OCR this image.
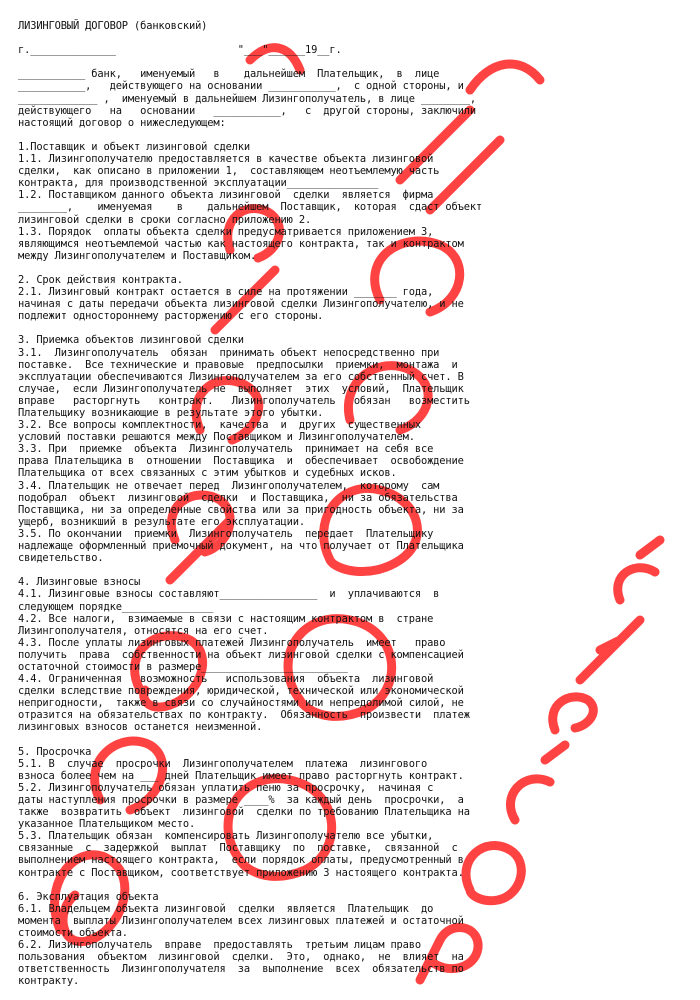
ЛИЗИНГОВЫЙ ДОГОВОР (банковский)
г.______________                    "___"______19__г.
___________ банк,   именуемый   в    дальнейшем  Плательщик,  в  лице
___________,   действующего на основании ___________,  с одной стороны, и
_____________ ,  именуемый в дальнейшем Лизингополучатель, в лице ________,
действующего   на   основании   ___________,   с  другой стороны, заключили
настоящий договор о нижеследующем:
1.Поставщик и объект лизинговой сделки
1.1. Лизингополучателю предоставляется в качестве объекта лизинговой
сделки,  как описано в приложении 1,  составляющем неотъемлемую часть
контракта, для производственной эксплуатации_______________
1.2. Поставщиком данного объекта лизинговой  сделки  является  фирма
________,    именуемая    в    дальнейшем  Поставщик,  которая  сдаст объект
лизинговой сделки в сроки согласно приложению 2.
1.3. Порядок  оплаты объекта сделки предусматривается приложением 3,
являющимся неотъемлемой частью как настоящего контракта, так и контрактом
между Лизингополучателем и Поставщиком.
2. Срок действия контракта.
2.1. Лизинговый контракт остается в силе на протяжении _______ года,
начиная с даты передачи объекта лизинговой сделки Лизингополучателю, и не
подлежит одностороннему расторжению с его стороны.
3. Приемка объектов лизинговой сделки
3.1.  Лизингополучатель  обязан  принимать объект непосредственно при
поставке.  Все технические и правовые  предпосылки  приемки,  монтажа  и
эксплуатации обеспечиваются Лизингополучателем за его собственный счет. В
случае,  если Лизингополучатель не  выполняет  этих  условий,  Плательщик
вправе   расторгнуть   контракт.   Лизингополучатель   обязан   возместить
Плательщику возникающие в результате этого убытки.
3.2. Все вопросы комплектности,  качества  и  других  существенных
условий поставки решаются между Поставщиком и Лизингополучателем.
3.3. При  приемке  объекта  Лизингополучатель  принимает на себя все
права Плательщика в  отношении  Поставщика  и  обеспечивает  освобождение
Плательщика от всех связанных с этим убытков и судебных исков.
3.4. Плательщик не отвечает перед  Лизингополучателем,  которому  сам
подобрал  объект  лизинговой  сделки  и Поставщика,  ни за обязательства
Поставщика, ни за определенные свойства или за пригодность объекта, ни за
ущерб, возникший в результате его эксплуатации.
3.5. По окончании  приемки  Лизингополучатель  передает  Плательщику
надлежаще оформленный приемочный документ, на что получает от Плательщика
свидетельство.
4. Лизинговые взносы
4.1. Лизинговые взносы составляют________________  и  уплачиваются  в
следующем порядке_______________
4.2. Все налоги,  взимаемые в связи с настоящим контрактом в  стране
Лизингополучателя, относятся на его счет.
4.3. После уплаты лизинговых платежей Лизингополучатель  имеет   право
получить  права  собственности на объект лизинговой сделки с компенсацией
остаточной стоимости в размере________________________
4.4. Ограниченная   возможность   использования  объекта  лизинговой
сделки вследствие повреждения, юридической, технической или экономической
непригодности,  также в связи со случайностями или непредолимой силой, не
отразится на обязательствах по контракту.  Обязанность  произвести  платеж
лизинговых взносов останется неизменной.
5. Просрочка
5.1. В  случае  просрочки  Лизингополучателем  платежа  лизингового
взноса более чем на ___ дней Плательщик имеет право расторгнуть контракт.
5.2. Лизингополучатель обязан уплатить пеню за просрочку,  начиная с
даты наступления просрочки в размере ____%  за каждый день  просрочки,  а
также  возвратить  объект  лизинговой  сделки по требованию Плательщика на
указанное Плательщиком место.
5.3. Плательщик обязан  компенсировать Лизингополучателю все убытки,
связанные  с  задержкой  выплат  Поставщику  по  поставке,  связанной  с
выполнением настоящего контракта,  если порядок оплаты, предусмотренный в
контракте с Поставщиком, соответствует приложению 3 настоящего контракта.
6. Эксплуатация объекта
6.1. Владельцем объекта лизинговой  сделки  является  Плательщик  до
момента  выплаты Лизингополучателем всех лизинговых платежей и остаточной
стоимости объекта.
6.2. Лизингополучатель  вправе  предоставлять  третьим лицам право
пользования  объектом  лизинговой  сделки.  Это,  однако,  не  влияет  на
ответственность  Лизингополучателя  за  выполнение  всех  обязательств по
контракту.
